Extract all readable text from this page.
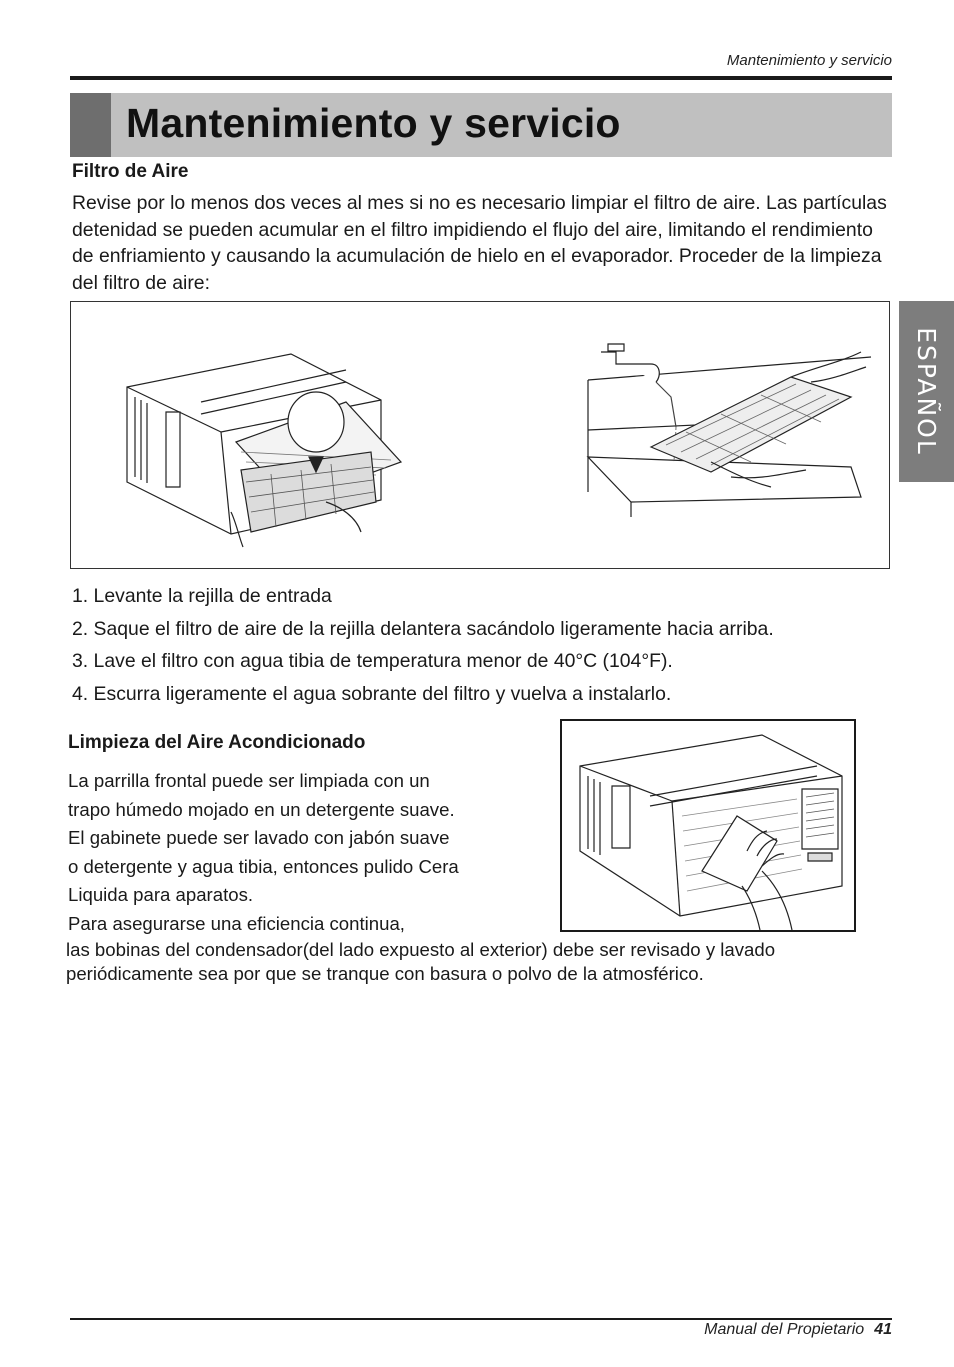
Mantenimiento y servicio
Mantenimiento y servicio
ESPAÑOL
Filtro de Aire

Revise por lo menos dos veces al mes si no es necesario limpiar el filtro de aire. Las partículas detenidad se pueden acumular en el filtro impidiendo el flujo del aire, limitando el rendimiento de enfriamiento y causando la acumulación de hielo en el evaporador. Proceder de la limpieza del filtro de aire:

1. Levante la rejilla de entrada
2. Saque el filtro de aire de la rejilla delantera sacándolo ligeramente hacia arriba.
3. Lave el filtro con agua tibia de temperatura menor de 40°C (104°F).
4. Escurra ligeramente el agua sobrante del filtro y vuelva a instalarlo.
Limpieza del Aire Acondicionado
La parrilla frontal puede ser limpiada con un
trapo húmedo mojado en un detergente suave.
El gabinete puede ser lavado con jabón suave
o detergente y agua tibia, entonces pulido Cera
Liquida para aparatos.
Para asegurarse una eficiencia continua,
las bobinas del condensador(del lado expuesto al exterior) debe ser revisado y lavado
periódicamente sea por que se tranque con basura o polvo de la atmosférico.
Manual del Propietario 41
